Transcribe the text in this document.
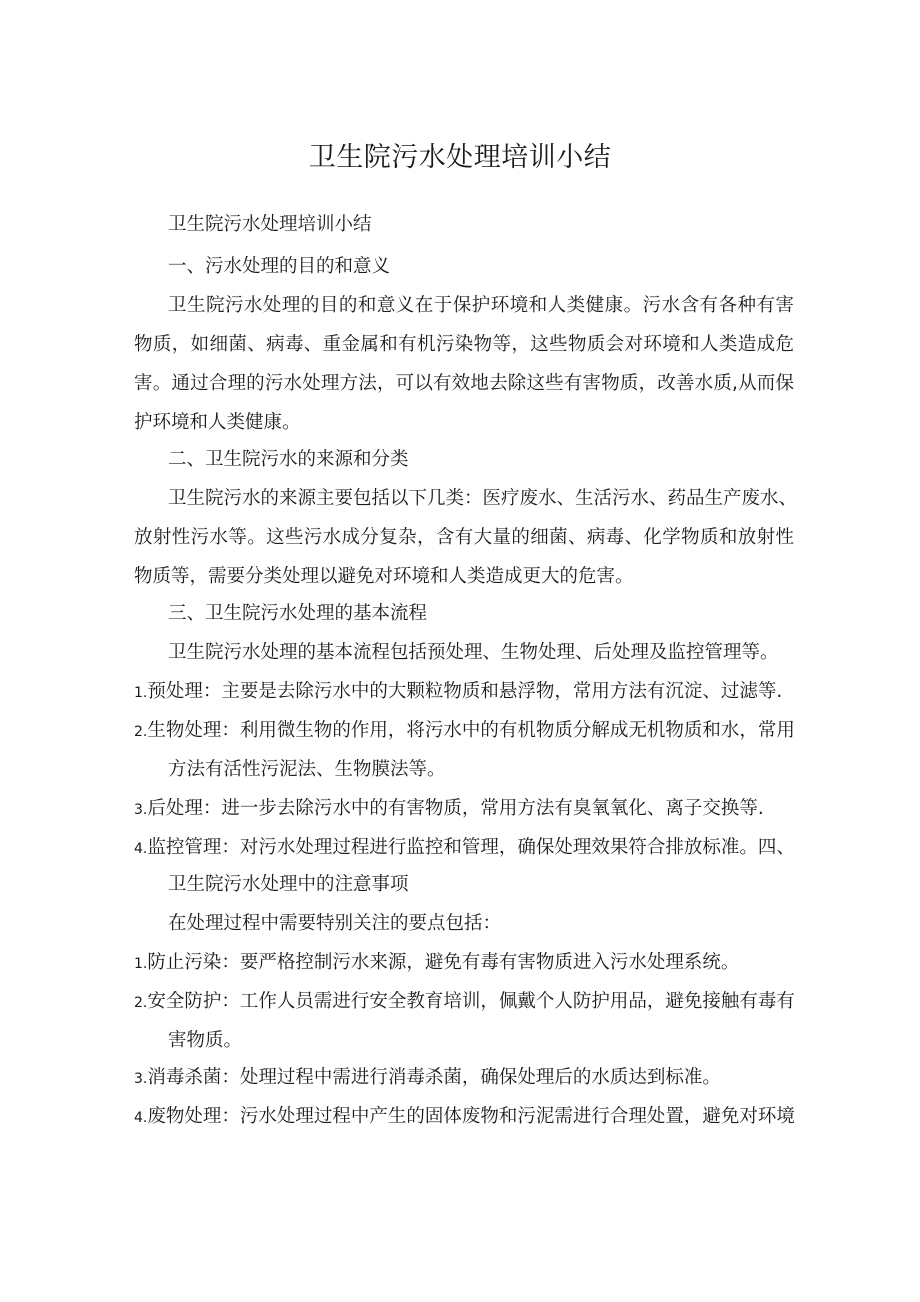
卫生院污水处理培训小结
卫生院污水处理培训小结
一、污水处理的目的和意义
卫生院污水处理的目的和意义在于保护环境和人类健康。污水含有各种有害
物质，如细菌、病毒、重金属和有机污染物等，这些物质会对环境和人类造成危
害。通过合理的污水处理方法，可以有效地去除这些有害物质，改善水质,从而保
护环境和人类健康。
二、卫生院污水的来源和分类
卫生院污水的来源主要包括以下几类：医疗废水、生活污水、药品生产废水、
放射性污水等。这些污水成分复杂，含有大量的细菌、病毒、化学物质和放射性
物质等，需要分类处理以避免对环境和人类造成更大的危害。
三、卫生院污水处理的基本流程
卫生院污水处理的基本流程包括预处理、生物处理、后处理及监控管理等。
1.预处理：主要是去除污水中的大颗粒物质和悬浮物，常用方法有沉淀、过滤等.
2.生物处理：利用微生物的作用，将污水中的有机物质分解成无机物质和水，常用
方法有活性污泥法、生物膜法等。
3.后处理：进一步去除污水中的有害物质，常用方法有臭氧氧化、离子交换等.
4.监控管理：对污水处理过程进行监控和管理，确保处理效果符合排放标准。四、
卫生院污水处理中的注意事项
在处理过程中需要特别关注的要点包括：
1.防止污染：要严格控制污水来源，避免有毒有害物质进入污水处理系统。
2.安全防护：工作人员需进行安全教育培训，佩戴个人防护用品，避免接触有毒有
害物质。
3.消毒杀菌：处理过程中需进行消毒杀菌，确保处理后的水质达到标准。
4.废物处理：污水处理过程中产生的固体废物和污泥需进行合理处置，避免对环境
